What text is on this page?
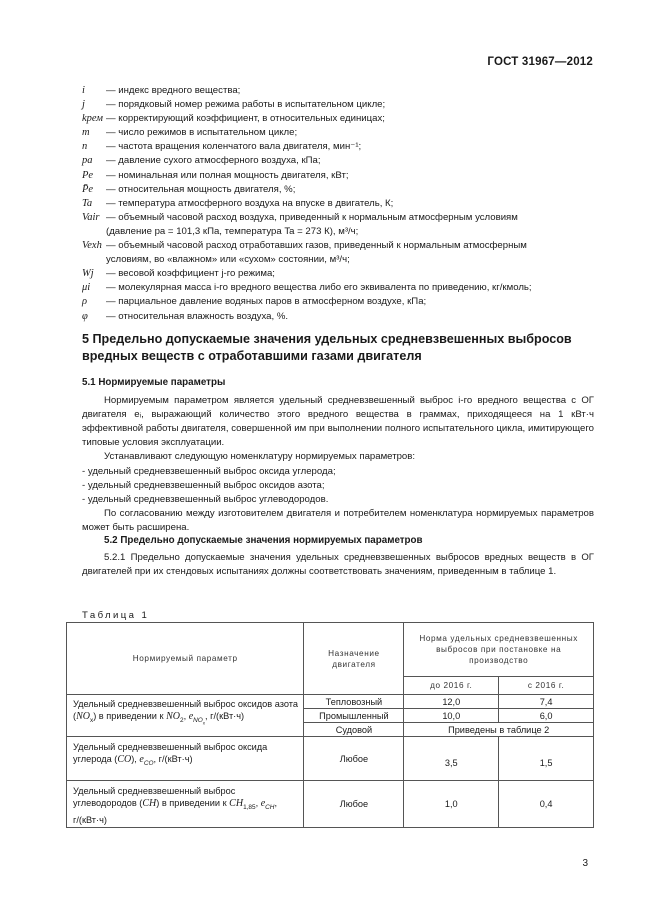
ГОСТ 31967—2012
i	— индекс вредного вещества;
j	— порядковый номер режима работы в испытательном цикле;
kрем — корректирующий коэффициент, в относительных единицах;
m	— число режимов в испытательном цикле;
n	— частота вращения коленчатого вала двигателя, мин⁻¹;
pa	— давление сухого атмосферного воздуха, кПа;
Pe	— номинальная или полная мощность двигателя, кВт;
P̄e	— относительная мощность двигателя, %;
Ta	— температура атмосферного воздуха на впуске в двигатель, К;
Vair — объемный часовой расход воздуха, приведенный к нормальным атмосферным условиям
(давление pa = 101,3 кПа, температура Ta = 273 К), м³/ч;
Vexh — объемный часовой расход отработавших газов, приведенный к нормальным атмосферным
условиям, во «влажном» или «сухом» состоянии, м³/ч;
Wj	— весовой коэффициент j-го режима;
μi	— молекулярная масса i-го вредного вещества либо его эквивалента по приведению, кг/кмоль;
ρ	— парциальное давление водяных паров в атмосферном воздухе, кПа;
φ	— относительная влажность воздуха, %.
5 Предельно допускаемые значения удельных средневзвешенных выбросов вредных веществ с отработавшими газами двигателя
5.1 Нормируемые параметры
Нормируемым параметром является удельный средневзвешенный выброс i-го вредного вещества с ОГ двигателя eᵢ, выражающий количество этого вредного вещества в граммах, приходящееся на 1 кВт·ч эффективной работы двигателя, совершенной им при выполнении полного испытательного цикла, имитирующего типовые условия эксплуатации.
Устанавливают следующую номенклатуру нормируемых параметров:
- удельный средневзвешенный выброс оксида углерода;
- удельный средневзвешенный выброс оксидов азота;
- удельный средневзвешенный выброс углеводородов.
По согласованию между изготовителем двигателя и потребителем номенклатура нормируемых параметров может быть расширена.
5.2 Предельно допускаемые значения нормируемых параметров
5.2.1 Предельно допускаемые значения удельных средневзвешенных выбросов вредных веществ в ОГ двигателей при их стендовых испытаниях должны соответствовать значениям, приведенным в таблице 1.
Таблица 1
Нормируемый параметр	Назначение двигателя	Норма удельных средневзвешенных выбросов при постановке на производство	
		до 2016 г.	с 2016 г.
Удельный средневзвешенный выброс оксидов азота $(NO_x)$ в приведении к $NO_2$, $e_{NO_x}$, г/(кВт·ч)	Тепловозный	12,0	7,4
	Промышленный	10,0	6,0
	Судовой	Приведены в таблице 2	
Удельный средневзвешенный выброс оксида углерода (CO), $e_{CO}$, г/(кВт·ч)	Любое	3,5	1,5
Удельный средневзвешенный выброс углеводородов (CH) в приведении к $CH_{1,85}$, $e_{CH}$, г/(кВт·ч)	Любое	1,0	0,4
3
